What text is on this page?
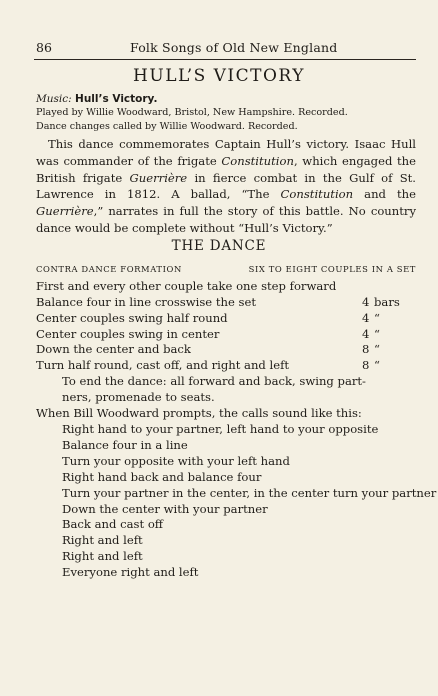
86	Folk Songs of Old New England
HULL’S VICTORY
Music: Hull’s Victory.
Played by Willie Woodward, Bristol, New Hampshire. Recorded.
Dance changes called by Willie Woodward. Recorded.

This dance commemorates Captain Hull’s victory. Isaac Hull was commander of the frigate Constitution, which engaged the British frigate Guerrière in fierce combat in the Gulf of St. Lawrence in 1812. A ballad, “The Constitution and the Guerrière,” narrates in full the story of this battle. No country dance would be complete without “Hull’s Victory.”

THE DANCE
CONTRA DANCE FORMATION	SIX TO EIGHT COUPLES IN A SET
First and every other couple take one step forward
Balance four in line crosswise the set	4 bars
Center couples swing half round	4 “
Center couples swing in center	4 “
Down the center and back	8 “
Turn half round, cast off, and right and left	8 “
To end the dance: all forward and back, swing part-
ners, promenade to seats.
When Bill Woodward prompts, the calls sound like this:
Right hand to your partner, left hand to your opposite
Balance four in a line
Turn your opposite with your left hand
Right hand back and balance four
Turn your partner in the center, in the center turn your partner
Down the center with your partner
Back and cast off
Right and left
Right and left
Everyone right and left
